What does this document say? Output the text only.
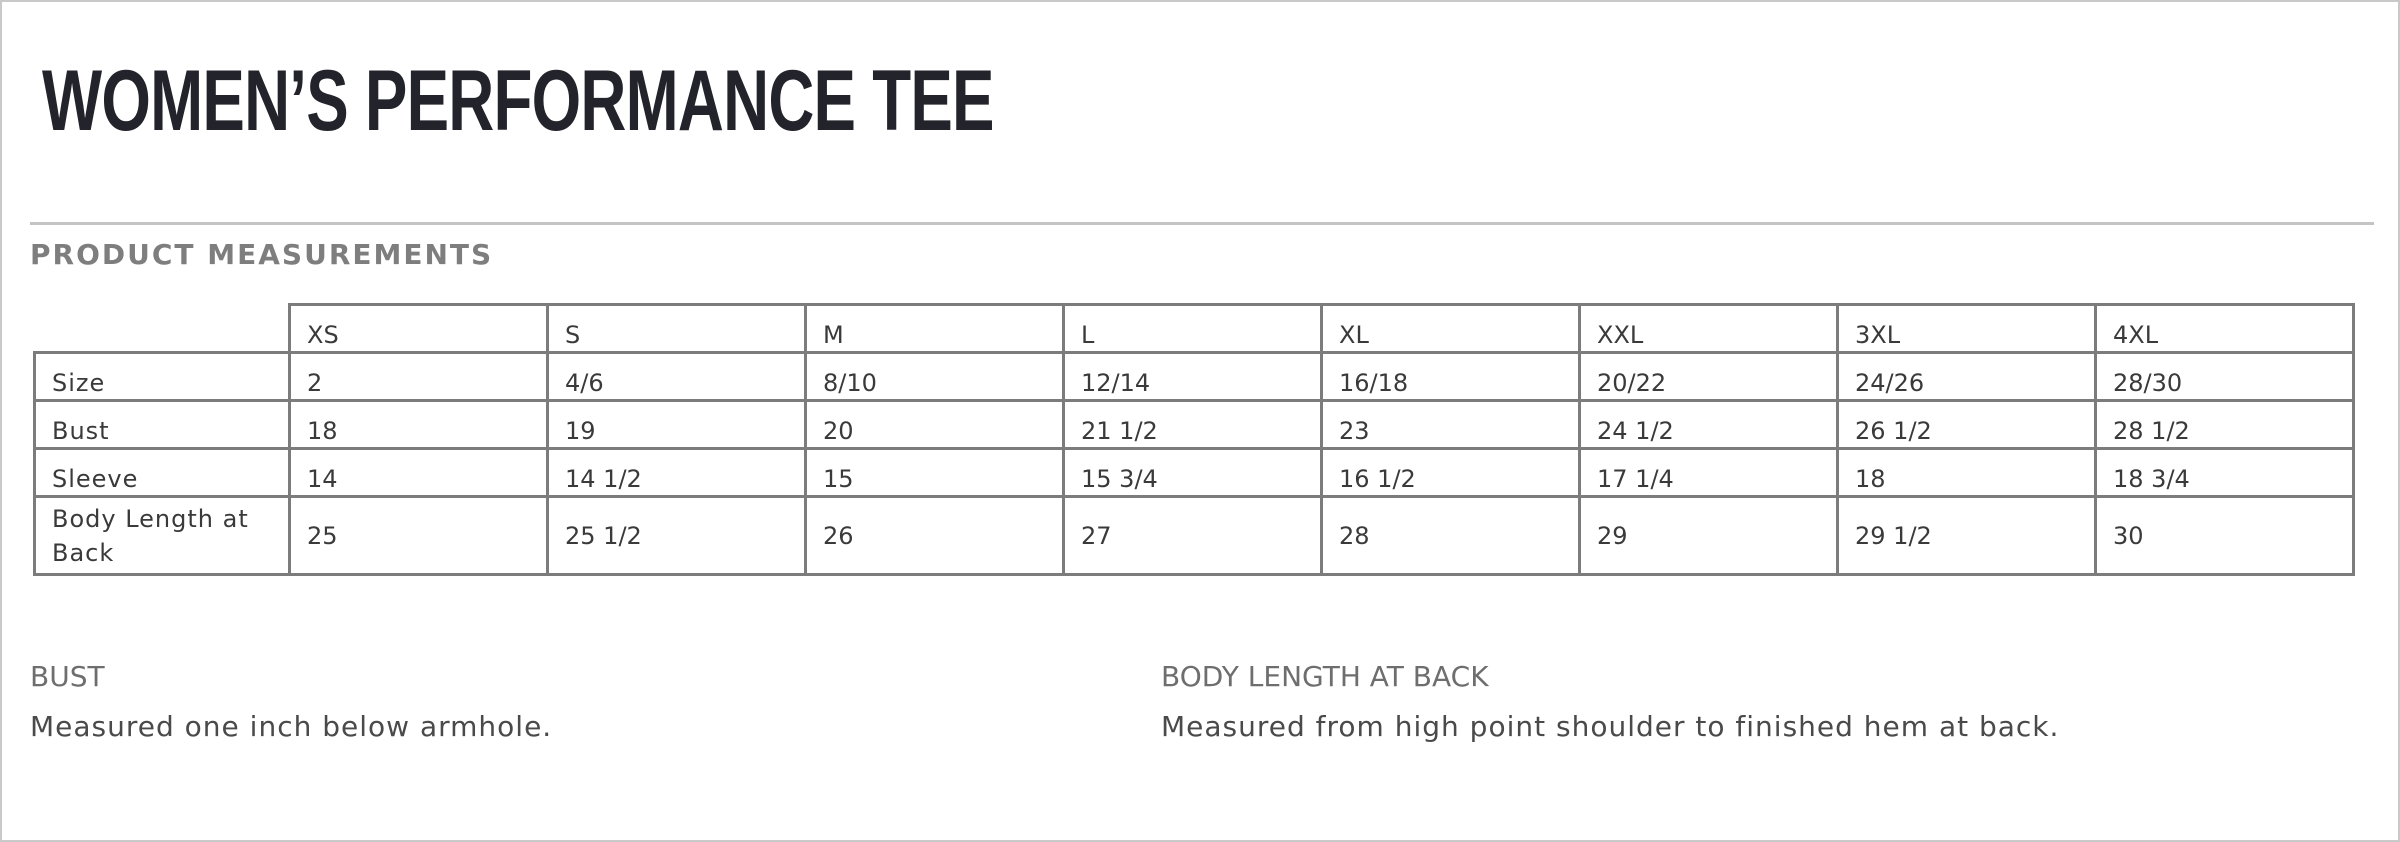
WOMEN’S PERFORMANCE TEE
PRODUCT MEASUREMENTS
	XS	S	M	L	XL	XXL	3XL	4XL
Size	2	4/6	8/10	12/14	16/18	20/22	24/26	28/30
Bust	18	19	20	21 1/2	23	24 1/2	26 1/2	28 1/2
Sleeve	14	14 1/2	15	15 3/4	16 1/2	17 1/4	18	18 3/4
Body Length at Back	25	25 1/2	26	27	28	29	29 1/2	30
BUST

Measured one inch below armhole.

BODY LENGTH AT BACK

Measured from high point shoulder to finished hem at back.
